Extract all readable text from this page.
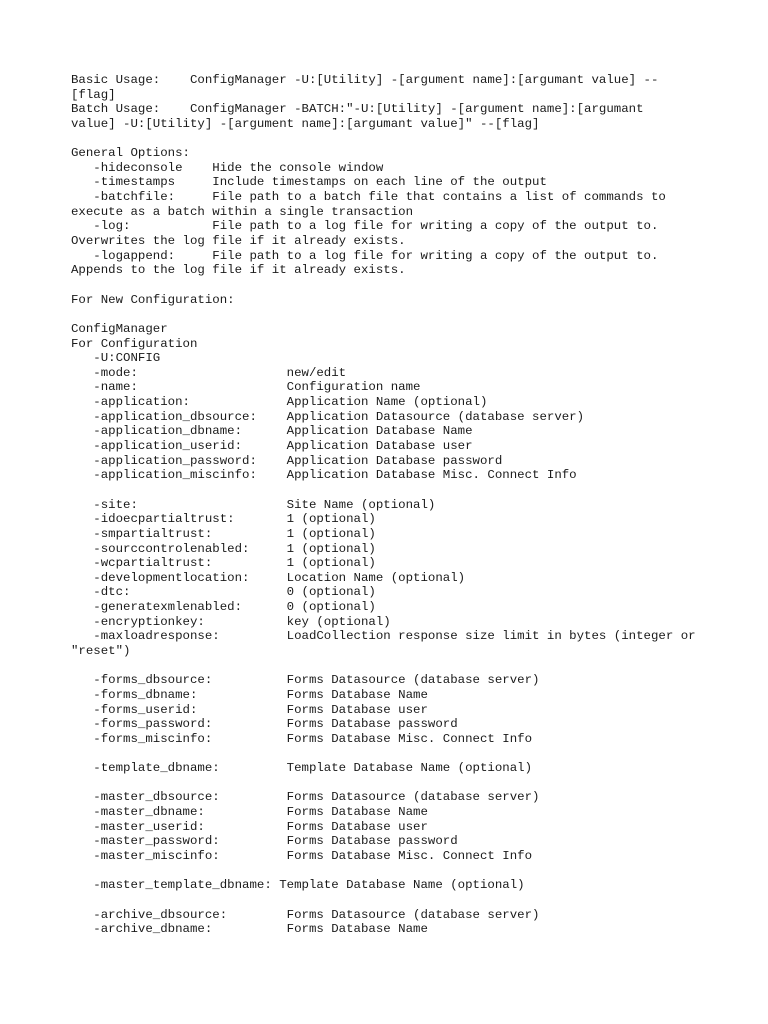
Basic Usage:    ConfigManager -U:[Utility] -[argument name]:[argumant value] --
[flag]
Batch Usage:    ConfigManager -BATCH:"-U:[Utility] -[argument name]:[argumant
value] -U:[Utility] -[argument name]:[argumant value]" --[flag]
General Options:
-hideconsole    Hide the console window
-timestamps     Include timestamps on each line of the output
-batchfile:     File path to a batch file that contains a list of commands to
execute as a batch within a single transaction
-log:           File path to a log file for writing a copy of the output to.
Overwrites the log file if it already exists.
-logappend:     File path to a log file for writing a copy of the output to.
Appends to the log file if it already exists.
For New Configuration:
ConfigManager
For Configuration
-U:CONFIG
-mode:                    new/edit
-name:                    Configuration name
-application:             Application Name (optional)
-application_dbsource:    Application Datasource (database server)
-application_dbname:      Application Database Name
-application_userid:      Application Database user
-application_password:    Application Database password
-application_miscinfo:    Application Database Misc. Connect Info
-site:                    Site Name (optional)
-idoecpartialtrust:       1 (optional)
-smpartialtrust:          1 (optional)
-sourccontrolenabled:     1 (optional)
-wcpartialtrust:          1 (optional)
-developmentlocation:     Location Name (optional)
-dtc:                     0 (optional)
-generatexmlenabled:      0 (optional)
-encryptionkey:           key (optional)
-maxloadresponse:         LoadCollection response size limit in bytes (integer or
"reset")
-forms_dbsource:          Forms Datasource (database server)
-forms_dbname:            Forms Database Name
-forms_userid:            Forms Database user
-forms_password:          Forms Database password
-forms_miscinfo:          Forms Database Misc. Connect Info
-template_dbname:         Template Database Name (optional)
-master_dbsource:         Forms Datasource (database server)
-master_dbname:           Forms Database Name
-master_userid:           Forms Database user
-master_password:         Forms Database password
-master_miscinfo:         Forms Database Misc. Connect Info
-master_template_dbname: Template Database Name (optional)
-archive_dbsource:        Forms Datasource (database server)
-archive_dbname:          Forms Database Name
